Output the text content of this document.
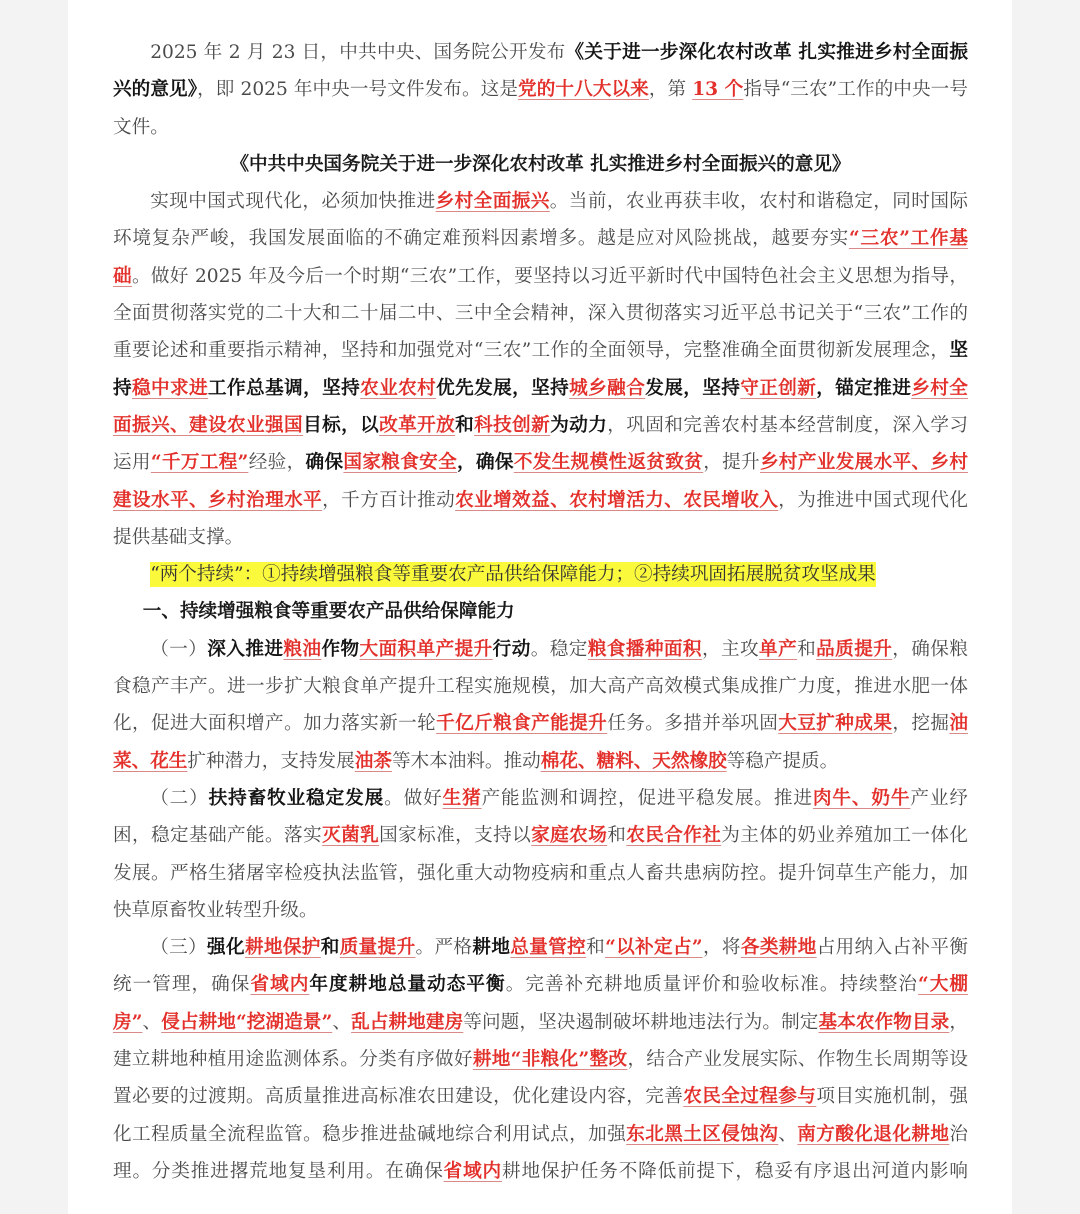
2025 年 2 月 23 日，中共中央、国务院公开发布《关于进一步深化农村改革 扎实推进乡村全面振兴的意见》，即 2025 年中央一号文件发布。这是党的十八大以来，第 13 个指导“三农”工作的中央一号文件。

《中共中央国务院关于进一步深化农村改革 扎实推进乡村全面振兴的意见》

实现中国式现代化，必须加快推进乡村全面振兴。当前，农业再获丰收，农村和谐稳定，同时国际环境复杂严峻，我国发展面临的不确定难预料因素增多。越是应对风险挑战，越要夯实“三农”工作基础。做好 2025 年及今后一个时期“三农”工作，要坚持以习近平新时代中国特色社会主义思想为指导，全面贯彻落实党的二十大和二十届二中、三中全会精神，深入贯彻落实习近平总书记关于“三农”工作的重要论述和重要指示精神，坚持和加强党对“三农”工作的全面领导，完整准确全面贯彻新发展理念，坚持稳中求进工作总基调，坚持农业农村优先发展，坚持城乡融合发展，坚持守正创新，锚定推进乡村全面振兴、建设农业强国目标，以改革开放和科技创新为动力，巩固和完善农村基本经营制度，深入学习运用“千万工程”经验，确保国家粮食安全，确保不发生规模性返贫致贫，提升乡村产业发展水平、乡村建设水平、乡村治理水平，千方百计推动农业增效益、农村增活力、农民增收入，为推进中国式现代化提供基础支撑。

“两个持续”：①持续增强粮食等重要农产品供给保障能力；②持续巩固拓展脱贫攻坚成果

一、持续增强粮食等重要农产品供给保障能力

（一）深入推进粮油作物大面积单产提升行动。稳定粮食播种面积，主攻单产和品质提升，确保粮食稳产丰产。进一步扩大粮食单产提升工程实施规模，加大高产高效模式集成推广力度，推进水肥一体化，促进大面积增产。加力落实新一轮千亿斤粮食产能提升任务。多措并举巩固大豆扩种成果，挖掘油菜、花生扩种潜力，支持发展油茶等木本油料。推动棉花、糖料、天然橡胶等稳产提质。

（二）扶持畜牧业稳定发展。做好生猪产能监测和调控，促进平稳发展。推进肉牛、奶牛产业纾困，稳定基础产能。落实灭菌乳国家标准，支持以家庭农场和农民合作社为主体的奶业养殖加工一体化发展。严格生猪屠宰检疫执法监管，强化重大动物疫病和重点人畜共患病防控。提升饲草生产能力，加快草原畜牧业转型升级。

（三）强化耕地保护和质量提升。严格耕地总量管控和“以补定占”，将各类耕地占用纳入占补平衡统一管理，确保省域内年度耕地总量动态平衡。完善补充耕地质量评价和验收标准。持续整治“大棚房”、侵占耕地“挖湖造景”、乱占耕地建房等问题，坚决遏制破坏耕地违法行为。制定基本农作物目录，建立耕地种植用途监测体系。分类有序做好耕地“非粮化”整改，结合产业发展实际、作物生长周期等设置必要的过渡期。高质量推进高标准农田建设，优化建设内容，完善农民全过程参与项目实施机制，强化工程质量全流程监管。稳步推进盐碱地综合利用试点，加强东北黑土区侵蚀沟、南方酸化退化耕地治理。分类推进撂荒地复垦利用。在确保省域内耕地保护任务不降低前提下，稳妥有序退出河道内影响
